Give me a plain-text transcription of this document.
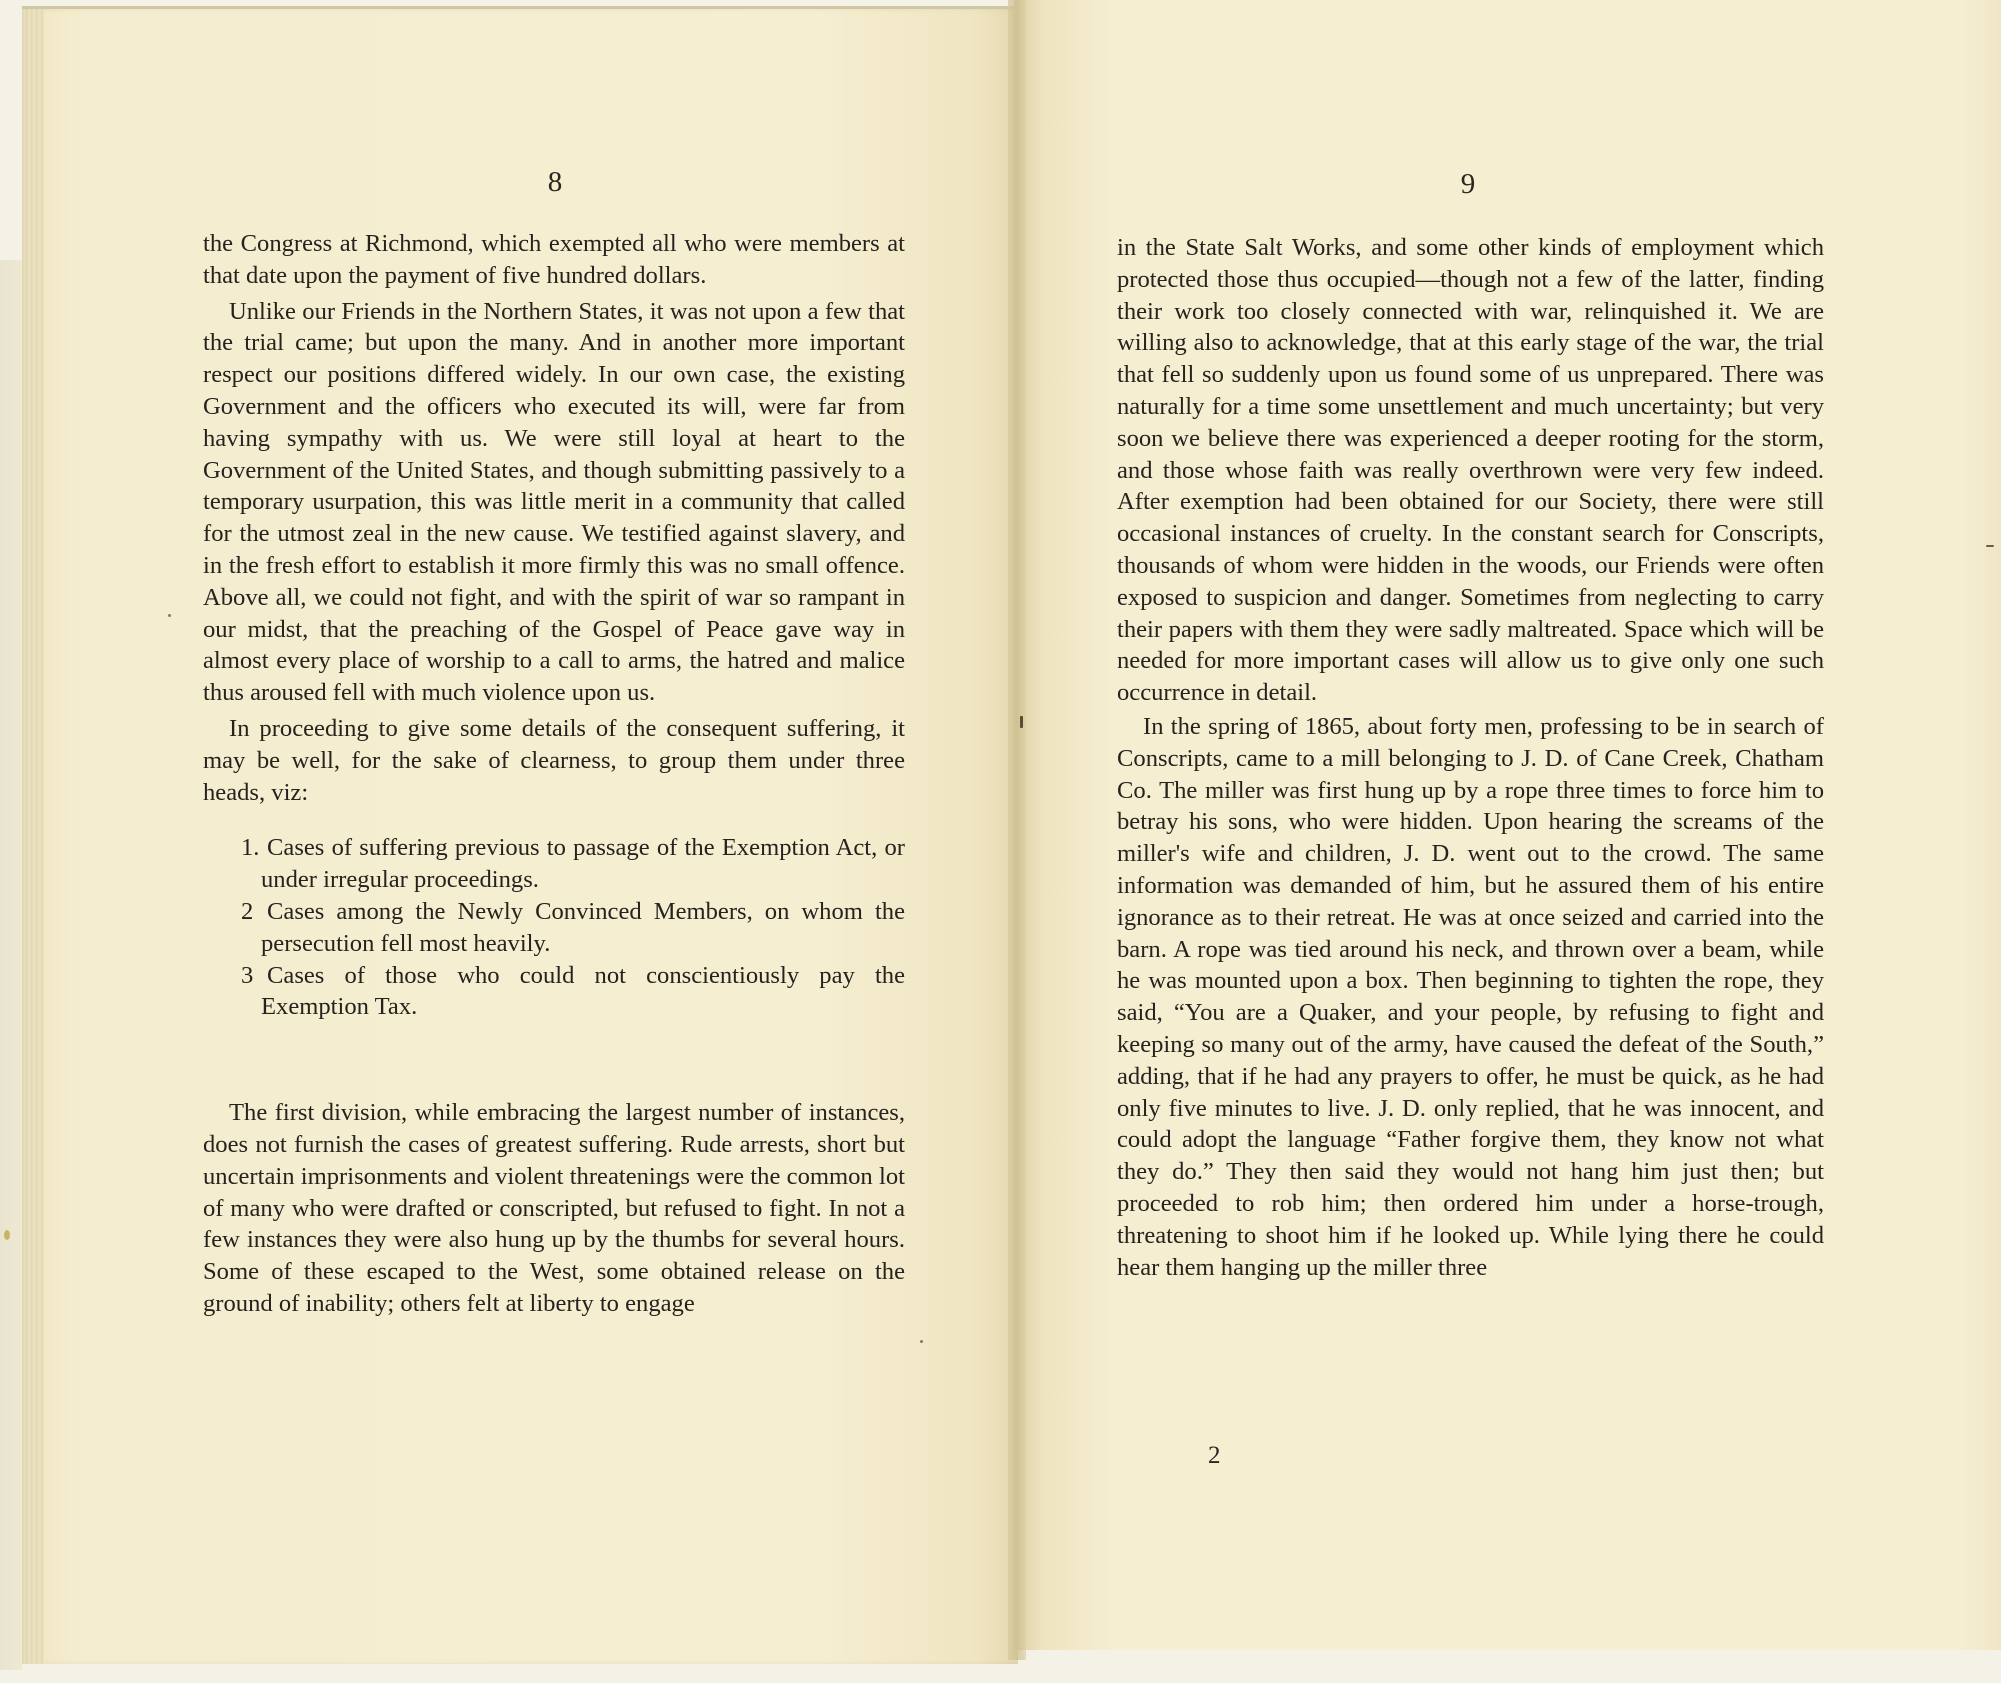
8

the Congress at Richmond, which exempted all who were members at that date upon the payment of five hundred dollars.

Unlike our Friends in the Northern States, it was not upon a few that the trial came; but upon the many. And in another more important respect our positions differed widely. In our own case, the existing Government and the officers who executed its will, were far from having sympathy with us. We were still loyal at heart to the Government of the United States, and though submitting passively to a temporary usurpation, this was little merit in a community that called for the utmost zeal in the new cause. We testified against slavery, and in the fresh effort to establish it more firmly this was no small offence. Above all, we could not fight, and with the spirit of war so rampant in our midst, that the preaching of the Gospel of Peace gave way in almost every place of worship to a call to arms, the hatred and malice thus aroused fell with much violence upon us.

In proceeding to give some details of the consequent suffering, it may be well, for the sake of clearness, to group them under three heads, viz:

1. Cases of suffering previous to passage of the Exemption Act, or under irregular proceedings.
2 Cases among the Newly Convinced Members, on whom the persecution fell most heavily.
3 Cases of those who could not conscientiously pay the Exemption Tax.

The first division, while embracing the largest number of instances, does not furnish the cases of greatest suffering. Rude arrests, short but uncertain imprisonments and violent threatenings were the common lot of many who were drafted or conscripted, but refused to fight. In not a few instances they were also hung up by the thumbs for several hours. Some of these escaped to the West, some obtained release on the ground of inability; others felt at liberty to engage

9

in the State Salt Works, and some other kinds of employment which protected those thus occupied—though not a few of the latter, finding their work too closely connected with war, relinquished it. We are willing also to acknowledge, that at this early stage of the war, the trial that fell so suddenly upon us found some of us unprepared. There was naturally for a time some unsettlement and much uncertainty; but very soon we believe there was experienced a deeper rooting for the storm, and those whose faith was really overthrown were very few indeed. After exemption had been obtained for our Society, there were still occasional instances of cruelty. In the constant search for Conscripts, thousands of whom were hidden in the woods, our Friends were often exposed to suspicion and danger. Sometimes from neglecting to carry their papers with them they were sadly maltreated. Space which will be needed for more important cases will allow us to give only one such occurrence in detail.

In the spring of 1865, about forty men, professing to be in search of Conscripts, came to a mill belonging to J. D. of Cane Creek, Chatham Co. The miller was first hung up by a rope three times to force him to betray his sons, who were hidden. Upon hearing the screams of the miller's wife and children, J. D. went out to the crowd. The same information was demanded of him, but he assured them of his entire ignorance as to their retreat. He was at once seized and carried into the barn. A rope was tied around his neck, and thrown over a beam, while he was mounted upon a box. Then beginning to tighten the rope, they said, “You are a Quaker, and your people, by refusing to fight and keeping so many out of the army, have caused the defeat of the South,” adding, that if he had any prayers to offer, he must be quick, as he had only five minutes to live. J. D. only replied, that he was innocent, and could adopt the language “Father forgive them, they know not what they do.” They then said they would not hang him just then; but proceeded to rob him; then ordered him under a horse-trough, threatening to shoot him if he looked up. While lying there he could hear them hanging up the miller three

2
